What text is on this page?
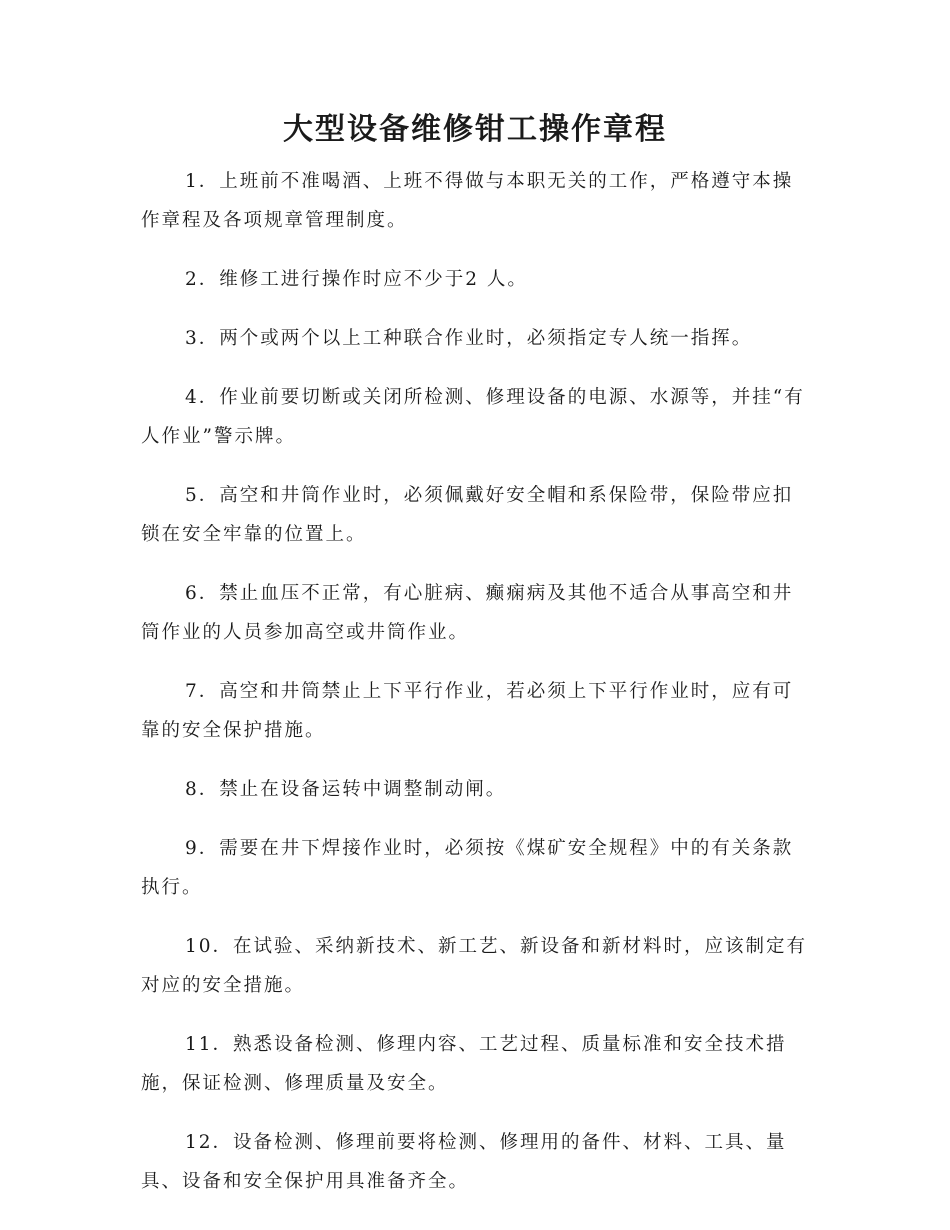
大型设备维修钳工操作章程

1．上班前不准喝酒、上班不得做与本职无关的工作，严格遵守本操作章程及各项规章管理制度。

2．维修工进行操作时应不少于2 人。

3．两个或两个以上工种联合作业时，必须指定专人统一指挥。

4．作业前要切断或关闭所检测、修理设备的电源、水源等，并挂“有人作业”警示牌。

5．高空和井筒作业时，必须佩戴好安全帽和系保险带，保险带应扣锁在安全牢靠的位置上。

6．禁止血压不正常，有心脏病、癫痫病及其他不适合从事高空和井筒作业的人员参加高空或井筒作业。

7．高空和井筒禁止上下平行作业，若必须上下平行作业时，应有可靠的安全保护措施。

8．禁止在设备运转中调整制动闸。

9．需要在井下焊接作业时，必须按《煤矿安全规程》中的有关条款执行。

10．在试验、采纳新技术、新工艺、新设备和新材料时，应该制定有对应的安全措施。

11．熟悉设备检测、修理内容、工艺过程、质量标准和安全技术措施，保证检测、修理质量及安全。

12．设备检测、修理前要将检测、修理用的备件、材料、工具、量具、设备和安全保护用具准备齐全。
